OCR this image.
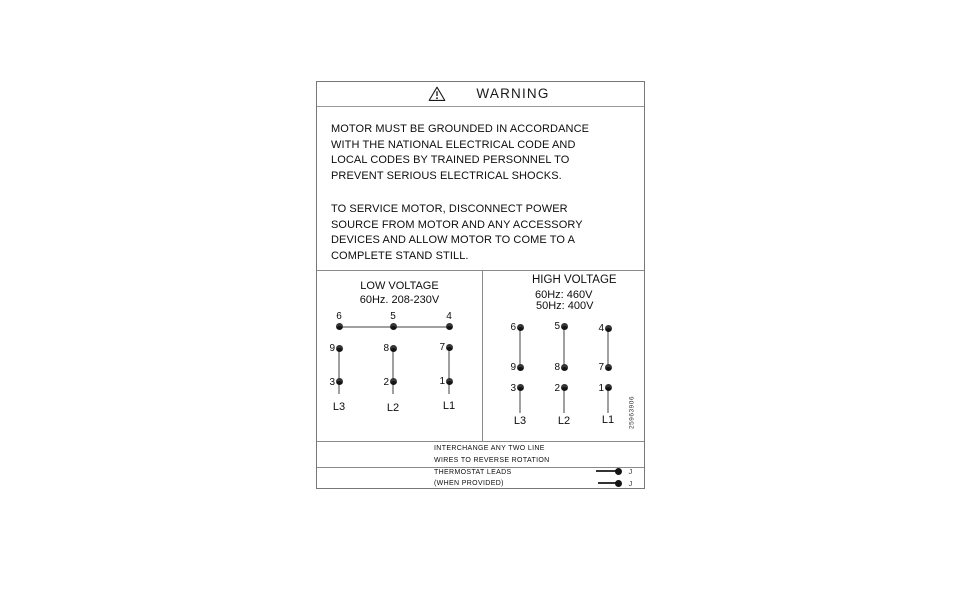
WARNING
MOTOR MUST BE GROUNDED IN ACCORDANCE
WITH THE NATIONAL ELECTRICAL CODE AND
LOCAL CODES BY TRAINED PERSONNEL TO
PREVENT SERIOUS ELECTRICAL SHOCKS.
TO SERVICE MOTOR, DISCONNECT POWER
SOURCE FROM MOTOR AND ANY ACCESSORY
DEVICES AND ALLOW MOTOR TO COME TO A
COMPLETE STAND STILL.
LOW VOLTAGE
60Hz. 208-230V
6	5	4
9	8	7
3	2	1
L3	L2	L1
HIGH VOLTAGE
60Hz: 460V
50Hz: 400V
6	5	4
9	8	7
3	2	1
L3	L2	L1	25963906
INTERCHANGE ANY TWO LINE
WIRES TO REVERSE ROTATION
THERMOSTAT LEADS
(WHEN PROVIDED)
J
J
